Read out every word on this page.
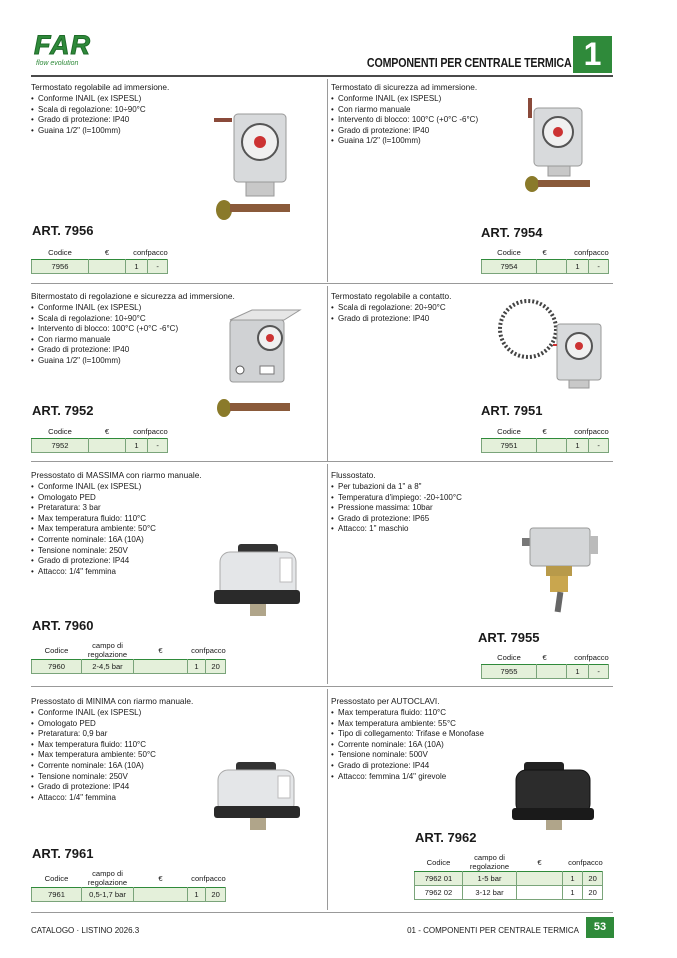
FAR
flow evolution	COMPONENTI PER CENTRALE TERMICA 1
Termostato regolabile ad immersione.
• Conforme INAIL (ex ISPESL)
• Scala di regolazione: 10÷90°C
• Grado di protezione: IP40
• Guaina 1/2" (l=100mm)
ART. 7956
Codice	€	conf	pacco
7956		1	-
Termostato di sicurezza ad immersione.
• Conforme INAIL (ex ISPESL)
• Con riarmo manuale
• Intervento di blocco: 100°C (+0°C -6°C)
• Grado di protezione: IP40
• Guaina 1/2" (l=100mm)
ART. 7954
Codice	€	conf	pacco
7954		1	-
Bitermostato di regolazione e sicurezza ad immersione.
• Conforme INAIL (ex ISPESL)
• Scala di regolazione: 10÷90°C
• Intervento di blocco: 100°C (+0°C -6°C)
• Con riarmo manuale
• Grado di protezione: IP40
• Guaina 1/2" (l=100mm)
ART. 7952
Codice	€	conf	pacco
7952		1	-
Termostato regolabile a contatto.
• Scala di regolazione: 20÷90°C
• Grado di protezione: IP40
ART. 7951
Codice	€	conf	pacco
7951		1	-
Pressostato di MASSIMA con riarmo manuale.
• Conforme INAIL (ex ISPESL)
• Omologato PED
• Pretaratura: 3 bar
• Max temperatura fluido: 110°C
• Max temperatura ambiente: 50°C
• Corrente nominale: 16A (10A)
• Tensione nominale: 250V
• Grado di protezione: IP44
• Attacco: 1/4" femmina
ART. 7960
Codice	campo di regolazione	€	conf	pacco
7960	2-4,5 bar		1	20
Flussostato.
• Per tubazioni da 1" a 8"
• Temperatura d'impiego: -20÷100°C
• Pressione massima: 10bar
• Grado di protezione: IP65
• Attacco: 1" maschio
ART. 7955
Codice	€	conf	pacco
7955		1	-
Pressostato di MINIMA con riarmo manuale.
• Conforme INAIL (ex ISPESL)
• Omologato PED
• Pretaratura: 0,9 bar
• Max temperatura fluido: 110°C
• Max temperatura ambiente: 50°C
• Corrente nominale: 16A (10A)
• Tensione nominale: 250V
• Grado di protezione: IP44
• Attacco: 1/4" femmina
ART. 7961
Codice	campo di regolazione	€	conf	pacco
7961	0,5-1,7 bar		1	20
Pressostato per AUTOCLAVI.
• Max temperatura fluido: 110°C
• Max temperatura ambiente: 55°C
• Tipo di collegamento: Trifase e Monofase
• Corrente nominale: 16A (10A)
• Tensione nominale: 500V
• Grado di protezione: IP44
• Attacco: femmina 1/4" girevole
ART. 7962
Codice	campo di regolazione	€	conf	pacco
7962 01	1-5 bar		1	20
7962 02	3-12 bar		1	20
CATALOGO · LISTINO 2026.3	01 - COMPONENTI PER CENTRALE TERMICA	53
